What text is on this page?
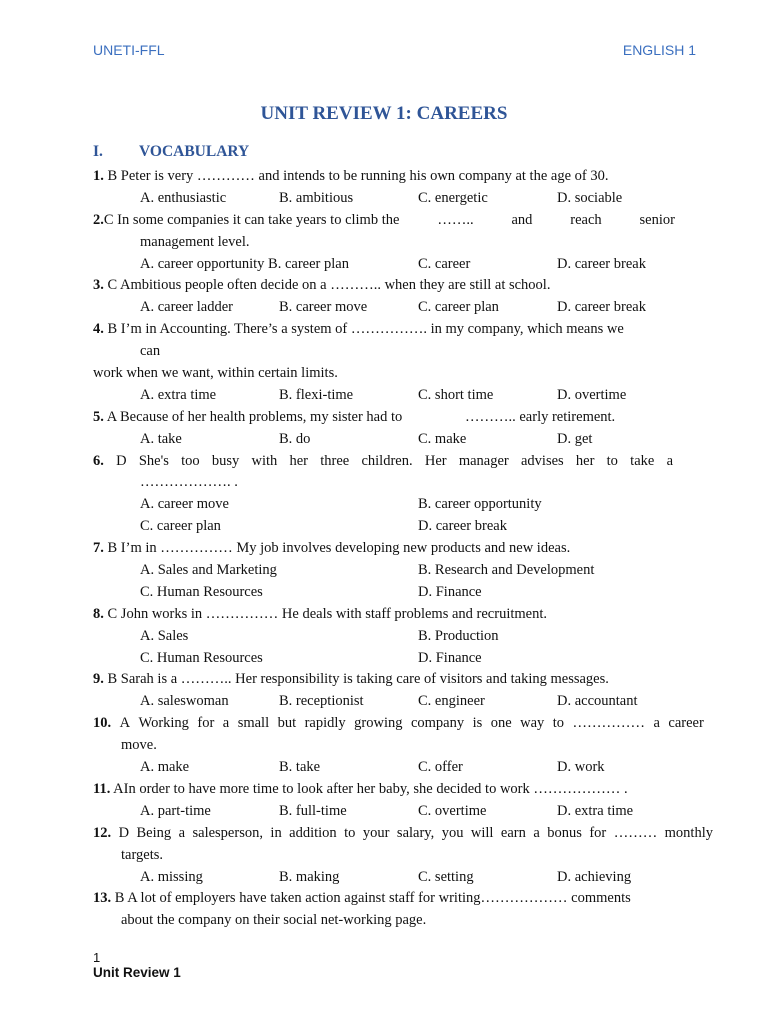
UNETI-FFL	ENGLISH 1
UNIT REVIEW 1: CAREERS
I. VOCABULARY
1. B Peter is very ………… and intends to be running his own company at the age of 30.
A. enthusiastic	B. ambitious	C. energetic	D. sociable
2. C In some companies it can take years to climb the	……..	and	reach	senior
management level.
A. career opportunity B. career plan	C. career	D. career break
3. C Ambitious people often decide on a ……….. when they are still at school.
A. career ladder	B. career move	C. career plan	D. career break
4. B I’m in Accounting. There’s a system of ……………. in my company, which means we
can
work when we want, within certain limits.
A. extra time	B. flexi-time	C. short time	D. overtime
5. A Because of her health problems, my sister had to	……….. early retirement.
A. take	B. do	C. make	D. get
6. D She's too busy with her three children. Her manager advises her to take a
………………. .
A. career move	B. career opportunity
C. career plan	D. career break
7. B I’m in …………… My job involves developing new products and new ideas.
A. Sales and Marketing	B. Research and Development
C. Human Resources	D. Finance
8. C John works in …………… He deals with staff problems and recruitment.
A. Sales	B. Production
C. Human Resources	D. Finance
9. B Sarah is a ……….. Her responsibility is taking care of visitors and taking messages.
A. saleswoman	B. receptionist	C. engineer	D. accountant
10. A Working for a small but rapidly growing company is one way to …………… a career
move.
A. make	B. take	C. offer	D. work
11. AIn order to have more time to look after her baby, she decided to work ……………… .
A. part-time	B. full-time	C. overtime	D. extra time
12. D Being a salesperson, in addition to your salary, you will earn a bonus for ……… monthly
targets.
A. missing	B. making	C. setting	D. achieving
13. B A lot of employers have taken action against staff for writing……………… comments
about the company on their social net-working page.
1
Unit Review 1
